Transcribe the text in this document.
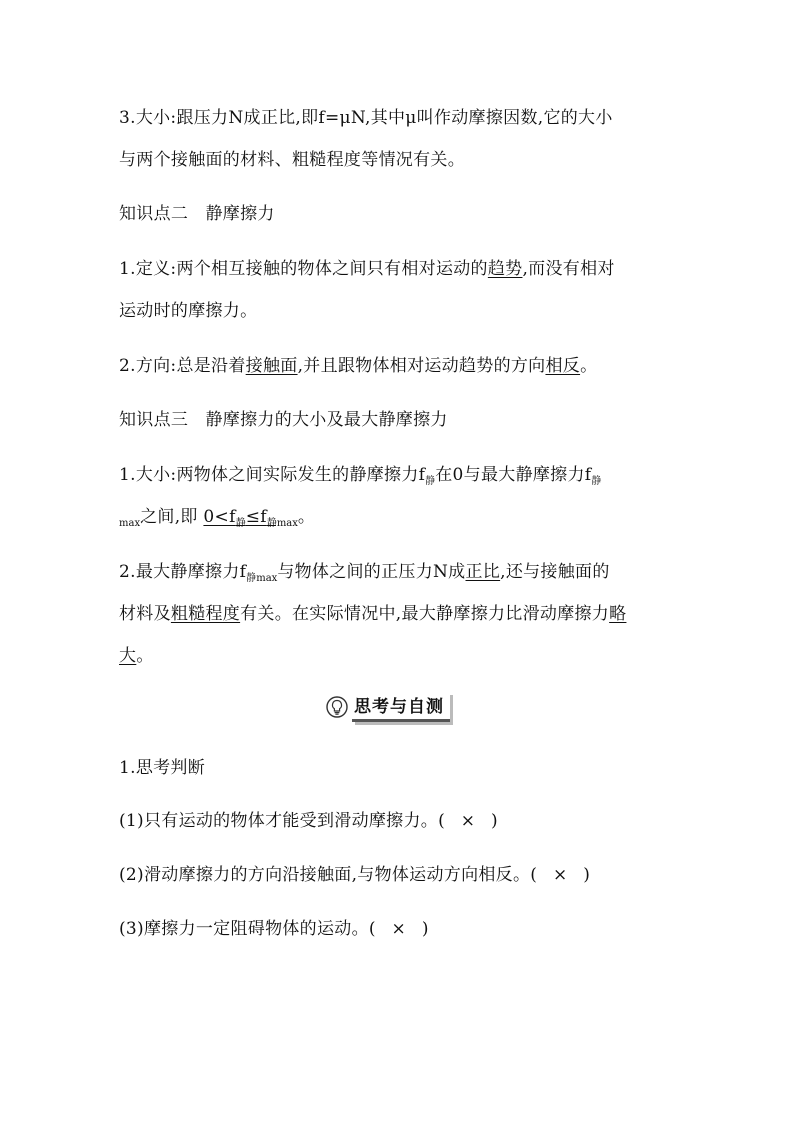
3.大小:跟压力N成正比,即f=μN,其中μ叫作动摩擦因数,它的大小
与两个接触面的材料、粗糙程度等情况有关。
知识点二　静摩擦力
1.定义:两个相互接触的物体之间只有相对运动的趋势,而没有相对
运动时的摩擦力。
2.方向:总是沿着接触面,并且跟物体相对运动趋势的方向相反。
知识点三　静摩擦力的大小及最大静摩擦力
1.大小:两物体之间实际发生的静摩擦力$f_静$在0与最大静摩擦力$f_静$
$_{max}$之间,即 $0<f_静\le f_{静max}$。
2.最大静摩擦力$f_{静max}$与物体之间的正压力N成正比,还与接触面的
材料及粗糙程度有关。在实际情况中,最大静摩擦力比滑动摩擦力略
大。
思考与自测
1.思考判断
(1)只有运动的物体才能受到滑动摩擦力。( × )
(2)滑动摩擦力的方向沿接触面,与物体运动方向相反。( × )
(3)摩擦力一定阻碍物体的运动。( × )
